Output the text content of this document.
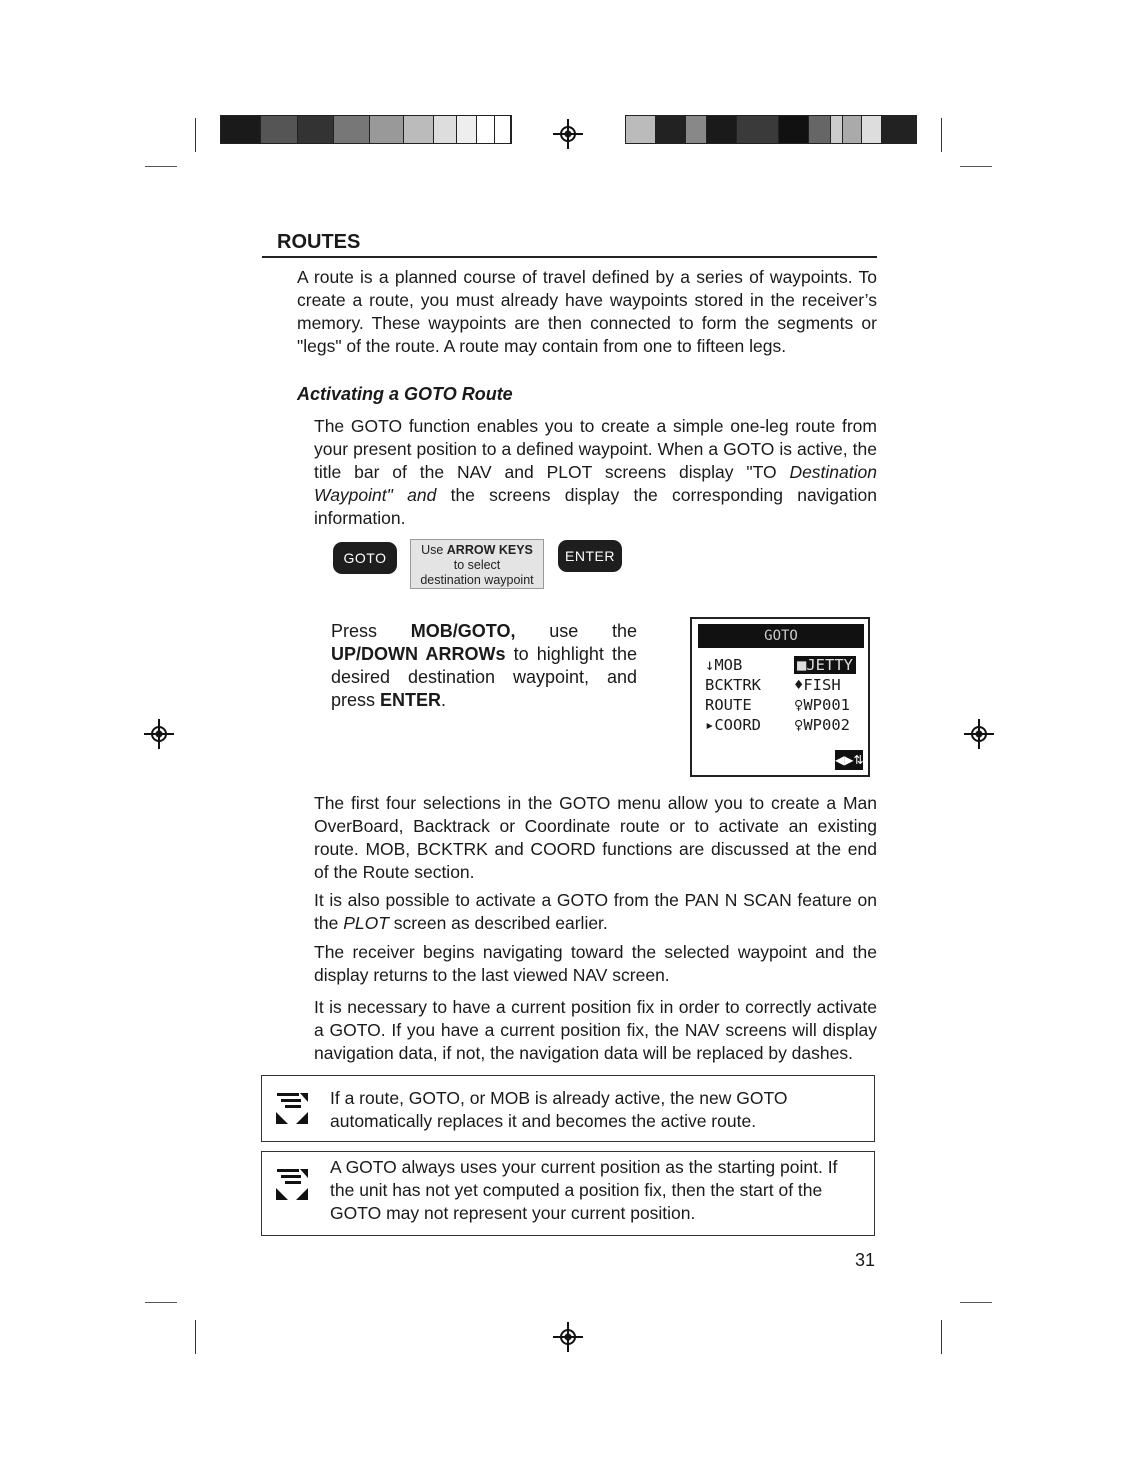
ROUTES

A route is a planned course of travel defined by a series of waypoints. To create a route, you must already have waypoints stored in the receiver’s memory. These waypoints are then connected to form the segments or "legs" of the route. A route may contain from one to fifteen legs.

Activating a GOTO Route

The GOTO function enables you to create a simple one-leg route from your present position to a defined waypoint. When a GOTO is active, the title bar of the NAV and PLOT screens display "TO Destination Waypoint" and the screens display the corresponding navigation information.

GOTO	Use ARROW KEYS
to select
destination waypoint
ENTER

Press MOB/GOTO, use the UP/DOWN ARROWs to highlight the desired destination waypoint, and press ENTER.

GOTO
↓MOB
BCKTRK
ROUTE
▸COORD
■JETTY
♦FISH
♀WP001
♀WP002
◀▶⇅

The first four selections in the GOTO menu allow you to create a Man OverBoard, Backtrack or Coordinate route or to activate an existing route. MOB, BCKTRK and COORD functions are discussed at the end of the Route section.

It is also possible to activate a GOTO from the PAN N SCAN feature on the PLOT screen as described earlier.

The receiver begins navigating toward the selected waypoint and the display returns to the last viewed NAV screen.

It is necessary to have a current position fix in order to correctly activate a GOTO. If you have a current position fix, the NAV screens will display navigation data, if not, the navigation data will be replaced by dashes.

If a route, GOTO, or MOB is already active, the new GOTO automatically replaces it and becomes the active route.
A GOTO always uses your current position as the starting point. If the unit has not yet computed a position fix, then the start of the GOTO may not represent your current position.
31
